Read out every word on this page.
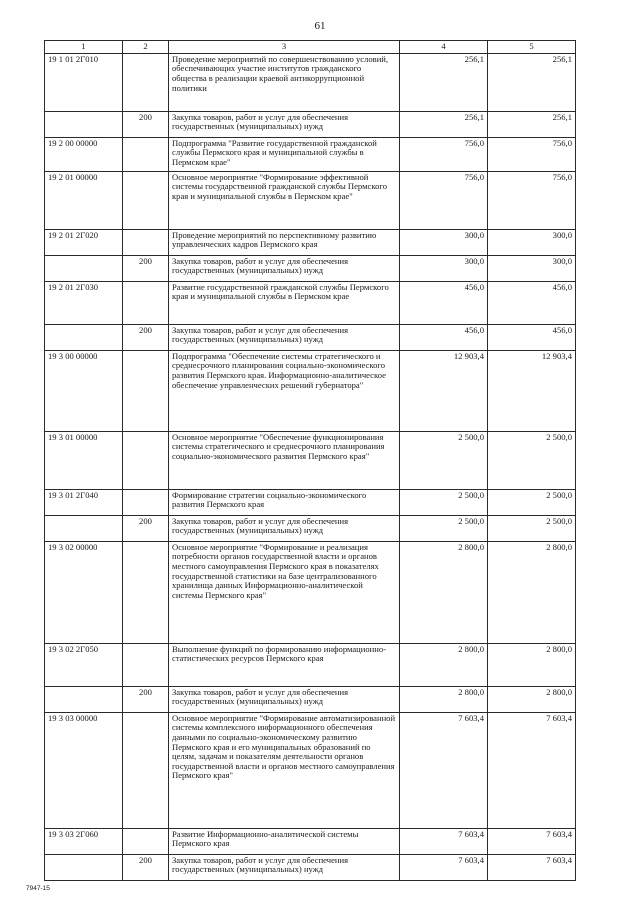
61
1	2	3	4	5
19 1 01 2Г010		Проведение мероприятий по совершенствованию условий, обеспечивающих участие институтов гражданского общества в реализации краевой антикоррупционной политики	256,1	256,1
	200	Закупка товаров, работ и услуг для обеспечения государственных (муниципальных) нужд	256,1	256,1
19 2 00 00000		Подпрограмма "Развитие государственной гражданской службы Пермского края и муниципальной службы в Пермском крае"	756,0	756,0
19 2 01 00000		Основное мероприятие "Формирование эффективной системы государственной гражданской службы Пермского края и муниципальной службы в Пермском крае"	756,0	756,0
19 2 01 2Г020		Проведение мероприятий по перспективному развитию управленческих кадров Пермского края	300,0	300,0
	200	Закупка товаров, работ и услуг для обеспечения государственных (муниципальных) нужд	300,0	300,0
19 2 01 2Г030		Развитие государственной гражданской службы Пермского края и муниципальной службы в Пермском крае	456,0	456,0
	200	Закупка товаров, работ и услуг для обеспечения государственных (муниципальных) нужд	456,0	456,0
19 3 00 00000		Подпрограмма "Обеспечение системы стратегического и среднесрочного планирования социально-экономического развития Пермского края. Информационно-аналитическое обеспечение управленческих решений губернатора"	12 903,4	12 903,4
19 3 01 00000		Основное мероприятие "Обеспечение функционирования системы стратегического и среднесрочного планирования социально-экономического развития Пермского края"	2 500,0	2 500,0
19 3 01 2Г040		Формирование стратегии социально-экономического развития Пермского края	2 500,0	2 500,0
	200	Закупка товаров, работ и услуг для обеспечения государственных (муниципальных) нужд	2 500,0	2 500,0
19 3 02 00000		Основное мероприятие "Формирование и реализация потребности органов государственной власти и органов местного самоуправления Пермского края в показателях государственной статистики на базе централизованного хранилища данных Информационно-аналитической системы Пермского края"	2 800,0	2 800,0
19 3 02 2Г050		Выполнение функций по формированию информационно-статистических ресурсов Пермского края	2 800,0	2 800,0
	200	Закупка товаров, работ и услуг для обеспечения государственных (муниципальных) нужд	2 800,0	2 800,0
19 3 03 00000		Основное мероприятие "Формирование автоматизированной системы комплексного информационного обеспечения данными по социально-экономическому развитию Пермского края и его муниципальных образований по целям, задачам и показателям деятельности органов государственной власти и органов местного самоуправления Пермского края"	7 603,4	7 603,4
19 3 03 2Г060		Развитие Информационно-аналитической системы Пермского края	7 603,4	7 603,4
	200	Закупка товаров, работ и услуг для обеспечения государственных (муниципальных) нужд	7 603,4	7 603,4
7947-15
